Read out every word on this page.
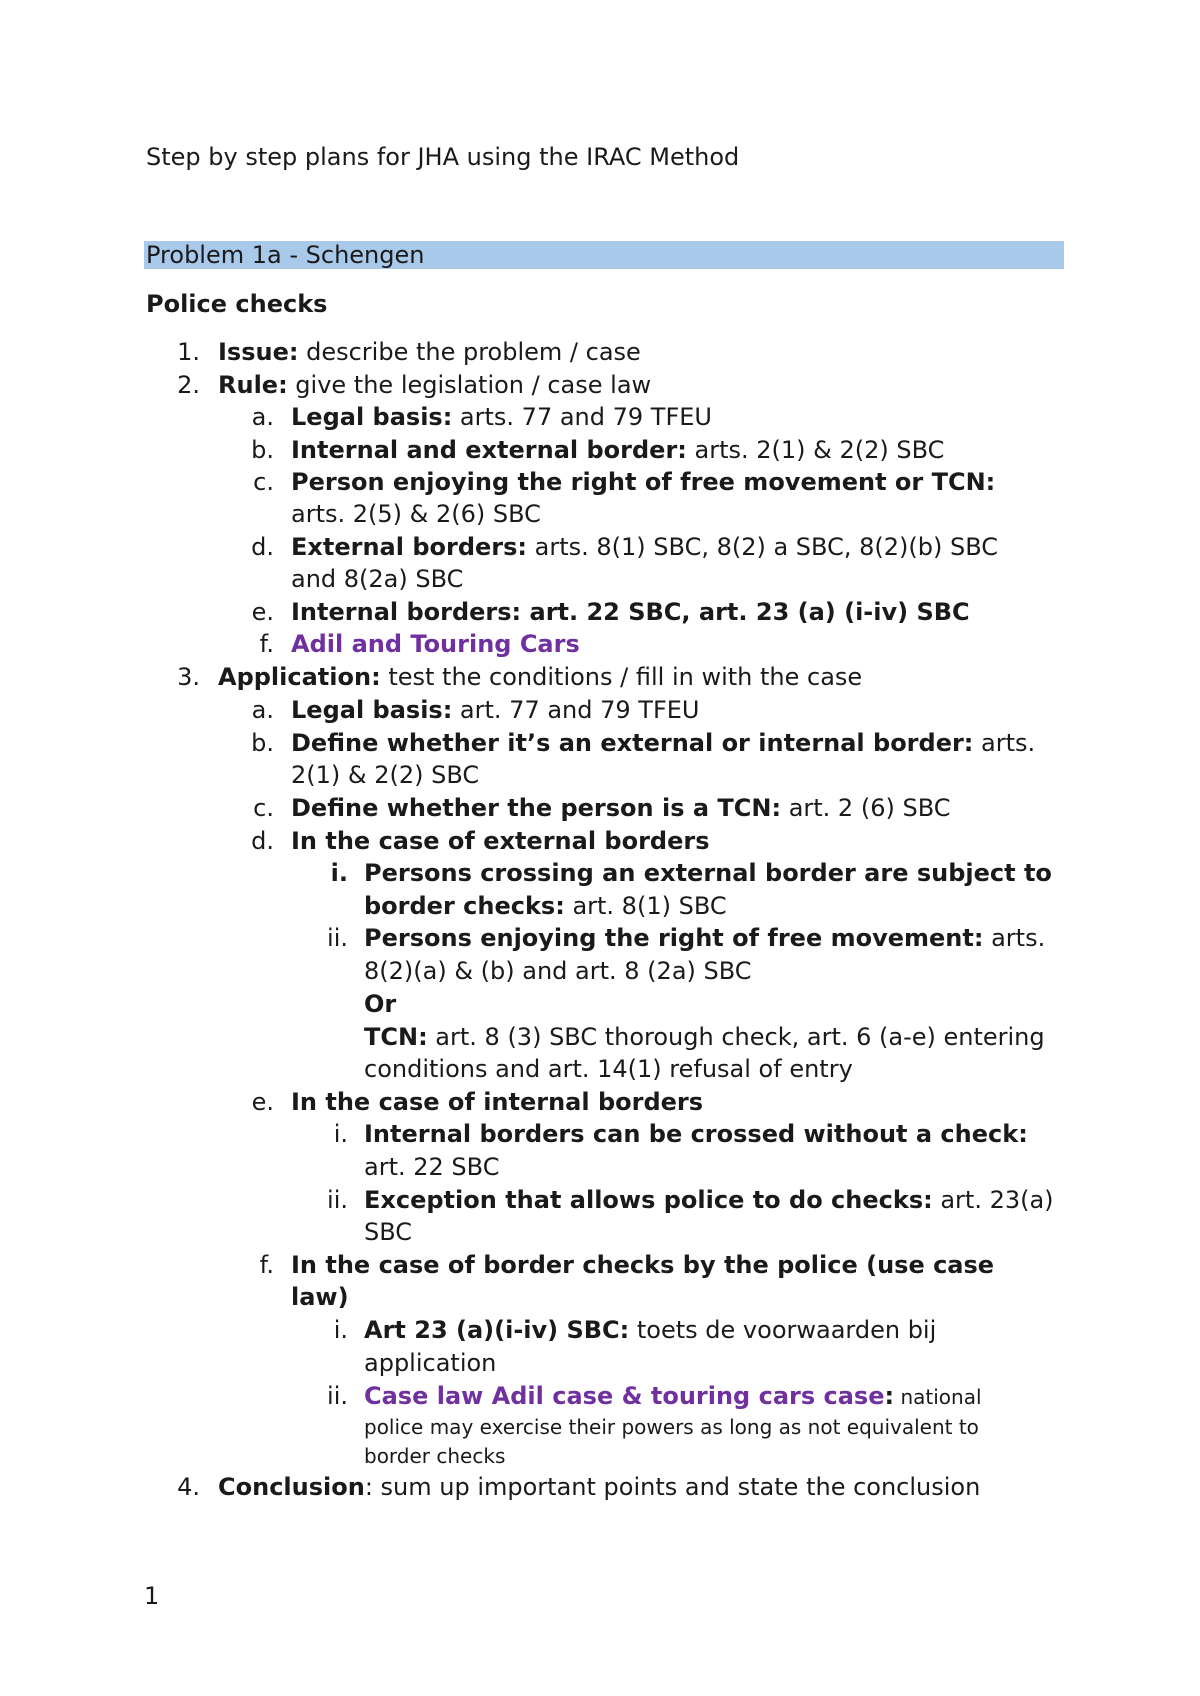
Step by step plans for JHA using the IRAC Method
Problem 1a - Schengen
Police checks
1. Issue: describe the problem / case
2. Rule: give the legislation / case law
a. Legal basis: arts. 77 and 79 TFEU
b. Internal and external border: arts. 2(1) & 2(2) SBC
c. Person enjoying the right of free movement or TCN:
arts. 2(5) & 2(6) SBC
d. External borders: arts. 8(1) SBC, 8(2) a SBC, 8(2)(b) SBC
and 8(2a) SBC
e. Internal borders: art. 22 SBC, art. 23 (a) (i-iv) SBC
f. Adil and Touring Cars
3. Application: test the conditions / fill in with the case
a. Legal basis: art. 77 and 79 TFEU
b. Define whether it’s an external or internal border: arts.
2(1) & 2(2) SBC
c. Define whether the person is a TCN: art. 2 (6) SBC
d. In the case of external borders
i. Persons crossing an external border are subject to
border checks: art. 8(1) SBC
ii. Persons enjoying the right of free movement: arts.
8(2)(a) & (b) and art. 8 (2a) SBC
Or
TCN: art. 8 (3) SBC thorough check, art. 6 (a-e) entering
conditions and art. 14(1) refusal of entry
e. In the case of internal borders
i. Internal borders can be crossed without a check:
art. 22 SBC
ii. Exception that allows police to do checks: art. 23(a)
SBC
f. In the case of border checks by the police (use case
law)
i. Art 23 (a)(i-iv) SBC: toets de voorwaarden bij
application
ii. Case law Adil case & touring cars case: national
police may exercise their powers as long as not equivalent to
border checks
4. Conclusion: sum up important points and state the conclusion
1
